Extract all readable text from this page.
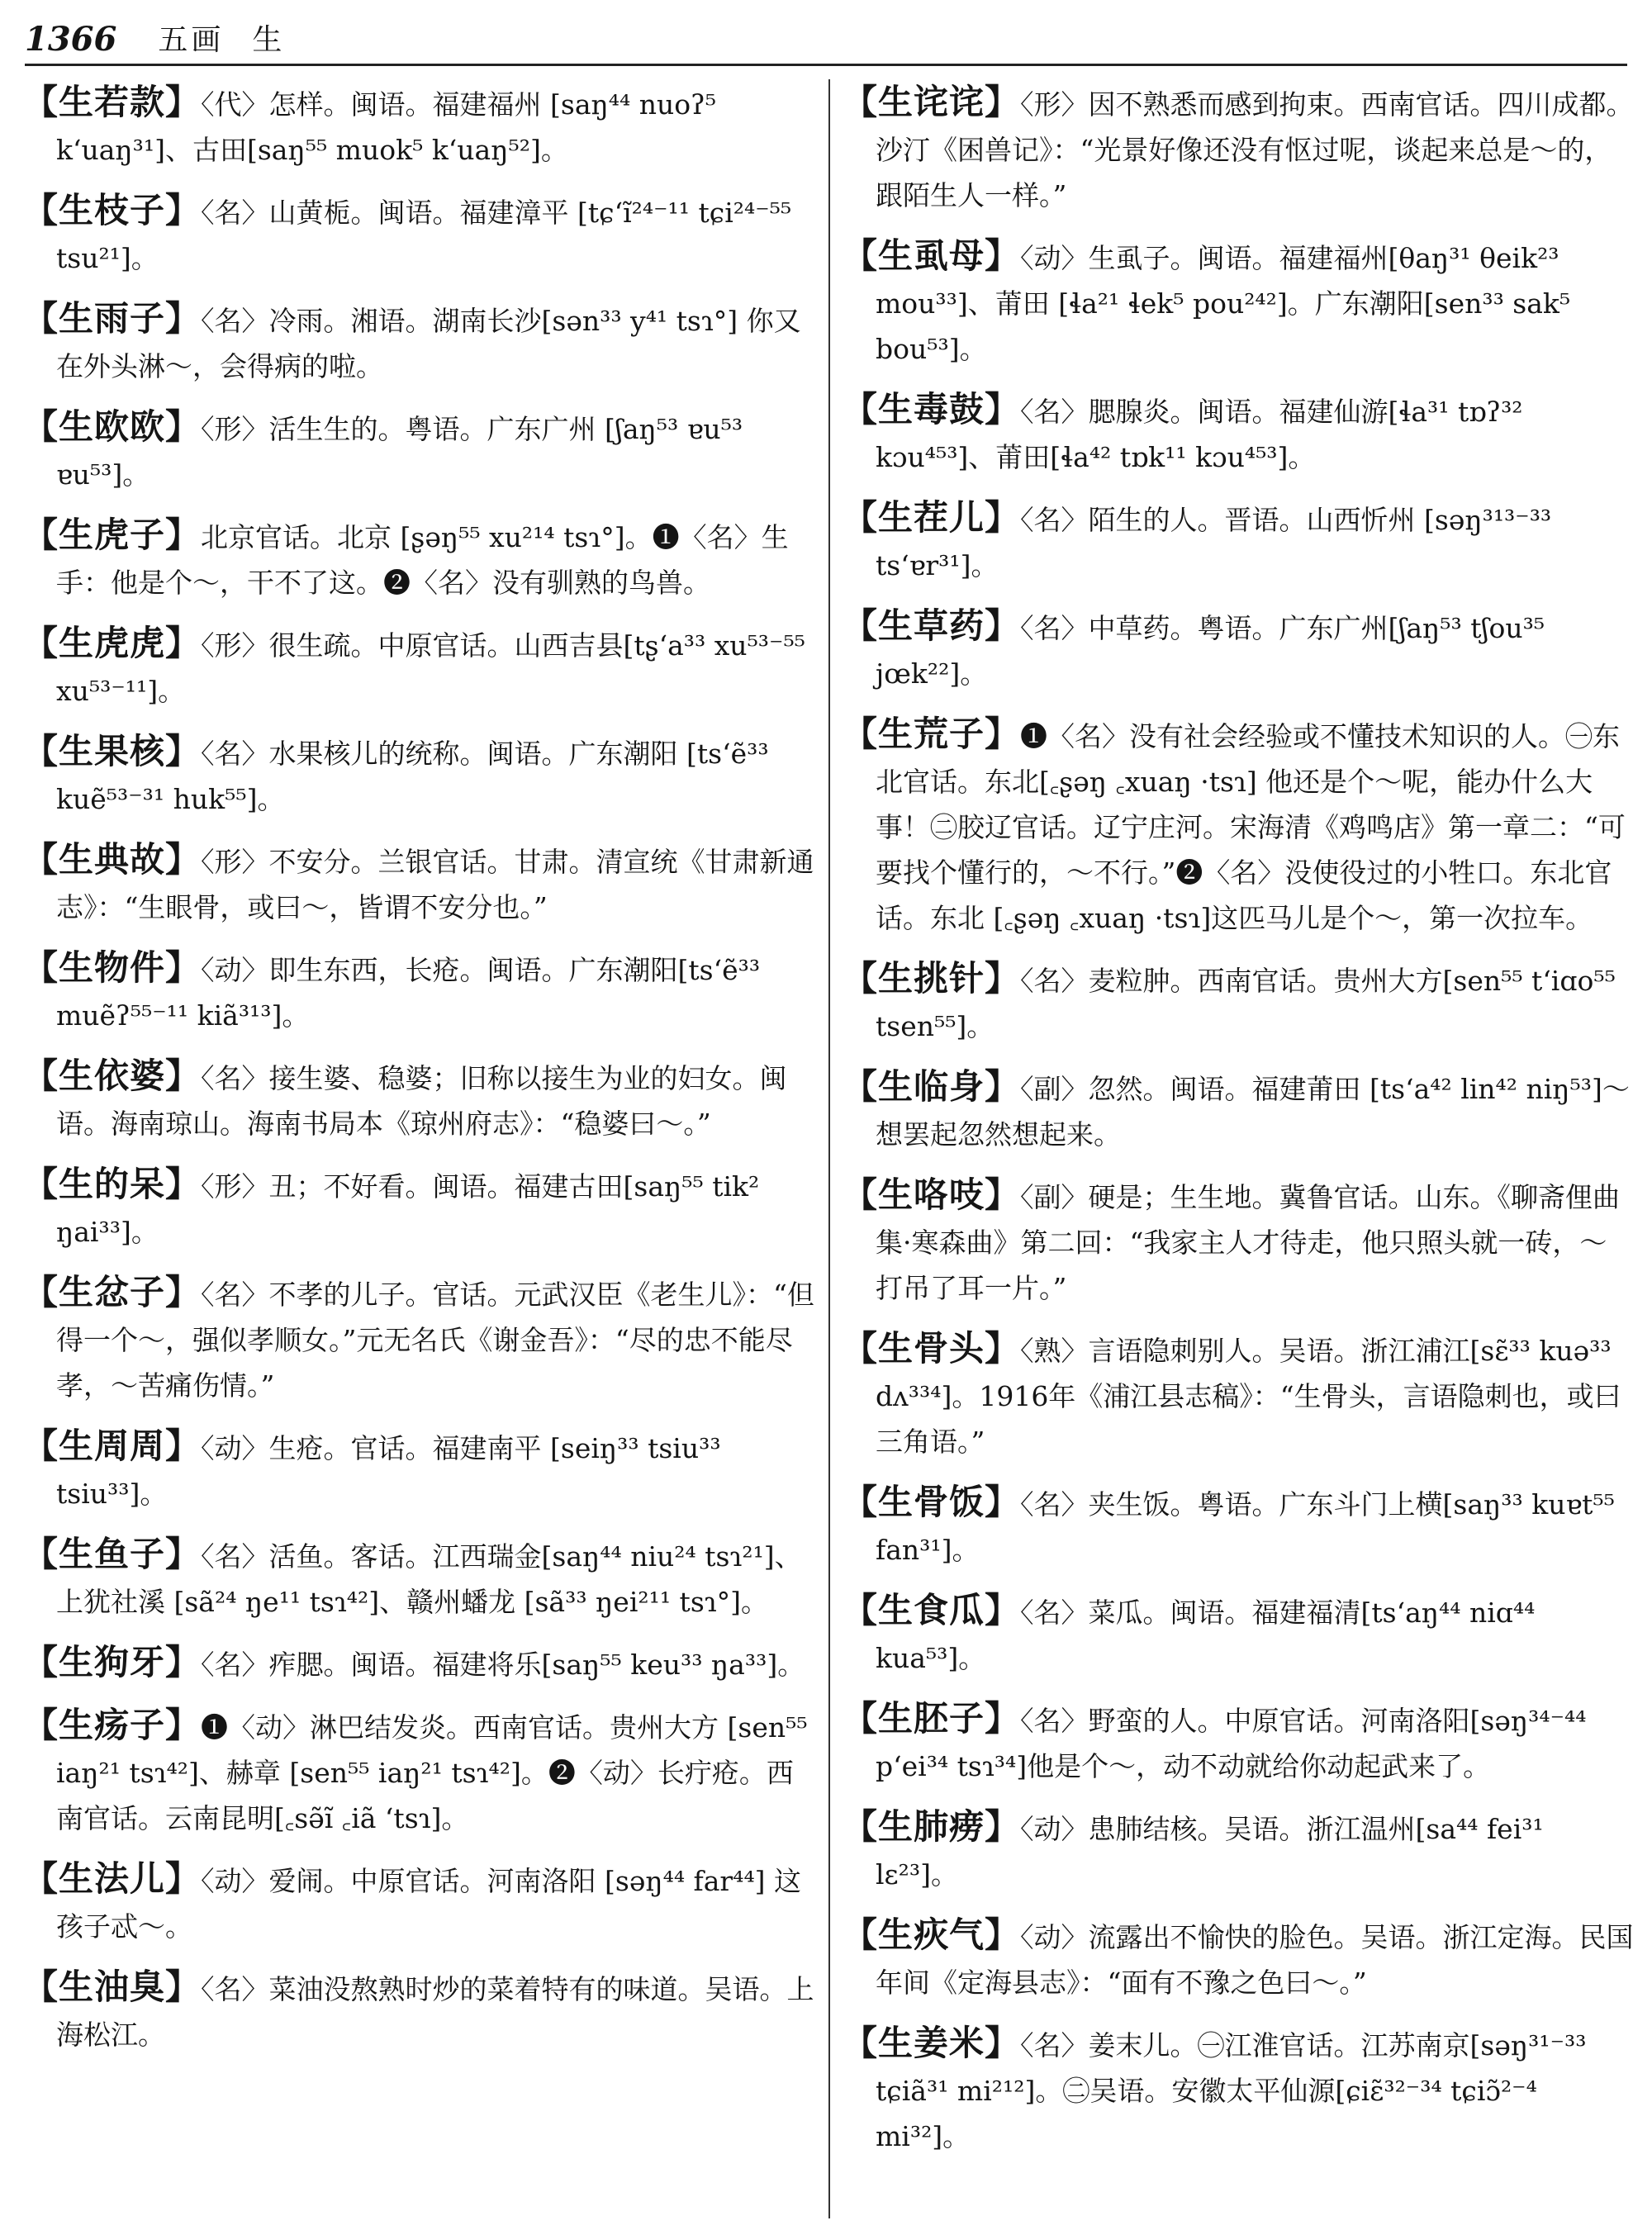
1366 五画 生
【生若款】〈代〉怎样。闽语。福建福州 [saŋ⁴⁴ nuoʔ⁵ kʻuaŋ³¹]、古田[saŋ⁵⁵ muok⁵ kʻuaŋ⁵²]。
【生枝子】〈名〉山黄栀。闽语。福建漳平 [tɕʻĩ²⁴⁻¹¹ tɕi²⁴⁻⁵⁵ tsu²¹]。
【生雨子】〈名〉冷雨。湘语。湖南长沙[sən³³ y⁴¹ tsɿ°] 你又在外头淋～，会得病的啦。
【生欧欧】〈形〉活生生的。粤语。广东广州 [ʃaŋ⁵³ ɐu⁵³ ɐu⁵³]。
【生虎子】北京官话。北京 [ʂəŋ⁵⁵ xu²¹⁴ tsɿ°]。❶〈名〉生手：他是个～，干不了这。❷〈名〉没有驯熟的鸟兽。
【生虎虎】〈形〉很生疏。中原官话。山西吉县[tʂʻa³³ xu⁵³⁻⁵⁵ xu⁵³⁻¹¹]。
【生果核】〈名〉水果核儿的统称。闽语。广东潮阳 [tsʻẽ³³ kuẽ⁵³⁻³¹ huk⁵⁵]。
【生典故】〈形〉不安分。兰银官话。甘肃。清宣统《甘肃新通志》：“生眼骨，或曰～，皆谓不安分也。”
【生物件】〈动〉即生东西，长疮。闽语。广东潮阳[tsʻẽ³³ muẽʔ⁵⁵⁻¹¹ kiã³¹³]。
【生依婆】〈名〉接生婆、稳婆；旧称以接生为业的妇女。闽语。海南琼山。海南书局本《琼州府志》：“稳婆曰～。”
【生的呆】〈形〉丑；不好看。闽语。福建古田[saŋ⁵⁵ tik² ŋai³³]。
【生忿子】〈名〉不孝的儿子。官话。元武汉臣《老生儿》：“但得一个～，强似孝顺女。”元无名氏《谢金吾》：“尽的忠不能尽孝，～苦痛伤情。”
【生周周】〈动〉生疮。官话。福建南平 [seiŋ³³ tsiu³³ tsiu³³]。
【生鱼子】〈名〉活鱼。客话。江西瑞金[saŋ⁴⁴ niu²⁴ tsɿ²¹]、上犹社溪 [sã²⁴ ŋe¹¹ tsɿ⁴²]、赣州蟠龙 [sã³³ ŋei²¹¹ tsɿ°]。
【生狗牙】〈名〉痄腮。闽语。福建将乐[saŋ⁵⁵ keu³³ ŋa³³]。
【生疡子】❶〈动〉淋巴结发炎。西南官话。贵州大方 [sen⁵⁵ iaŋ²¹ tsɿ⁴²]、赫章 [sen⁵⁵ iaŋ²¹ tsɿ⁴²]。❷〈动〉长疔疮。西南官话。云南昆明[꜀sə̃ĩ ꜀iã ʻtsɿ]。
【生法儿】〈动〉爱闹。中原官话。河南洛阳 [səŋ⁴⁴ far⁴⁴] 这孩子忒～。
【生油臭】〈名〉菜油没熬熟时炒的菜着特有的味道。吴语。上海松江。
【生诧诧】〈形〉因不熟悉而感到拘束。西南官话。四川成都。沙汀《困兽记》：“光景好像还没有怄过呢，谈起来总是～的，跟陌生人一样。”
【生虱母】〈动〉生虱子。闽语。福建福州[θaŋ³¹ θeik²³ mou³³]、莆田 [ɬa²¹ ɬek⁵ pou²⁴²]。广东潮阳[sen³³ sak⁵ bou⁵³]。
【生毒鼓】〈名〉腮腺炎。闽语。福建仙游[ɬa³¹ tɒʔ³² kɔu⁴⁵³]、莆田[ɬa⁴² tɒk¹¹ kɔu⁴⁵³]。
【生茬儿】〈名〉陌生的人。晋语。山西忻州 [səŋ³¹³⁻³³ tsʻɐr³¹]。
【生草药】〈名〉中草药。粤语。广东广州[ʃaŋ⁵³ tʃou³⁵ jœk²²]。
【生荒子】❶〈名〉没有社会经验或不懂技术知识的人。㊀东北官话。东北[꜀ʂəŋ ꜀xuaŋ ·tsɿ] 他还是个～呢，能办什么大事！㊁胶辽官话。辽宁庄河。宋海清《鸡鸣店》第一章二：“可要找个懂行的，～不行。”❷〈名〉没使役过的小牲口。东北官话。东北 [꜀ʂəŋ ꜀xuaŋ ·tsɿ]这匹马儿是个～，第一次拉车。
【生挑针】〈名〉麦粒肿。西南官话。贵州大方[sen⁵⁵ tʻiɑo⁵⁵ tsen⁵⁵]。
【生临身】〈副〉忽然。闽语。福建莆田 [tsʻa⁴² lin⁴² niŋ⁵³]～想罢起忽然想起来。
【生咯吱】〈副〉硬是；生生地。冀鲁官话。山东。《聊斋俚曲集·寒森曲》第二回：“我家主人才待走，他只照头就一砖，～打吊了耳一片。”
【生骨头】〈熟〉言语隐刺别人。吴语。浙江浦江[sɛ̃³³ kuə³³ dʌ³³⁴]。1916年《浦江县志稿》：“生骨头，言语隐刺也，或曰三角语。”
【生骨饭】〈名〉夹生饭。粤语。广东斗门上横[saŋ³³ kuɐt⁵⁵ fan³¹]。
【生食瓜】〈名〉菜瓜。闽语。福建福清[tsʻaŋ⁴⁴ niɑ⁴⁴ kua⁵³]。
【生胚子】〈名〉野蛮的人。中原官话。河南洛阳[səŋ³⁴⁻⁴⁴ pʻei³⁴ tsɿ³⁴]他是个～，动不动就给你动起武来了。
【生肺痨】〈动〉患肺结核。吴语。浙江温州[sa⁴⁴ fei³¹ lɛ²³]。
【生疢气】〈动〉流露出不愉快的脸色。吴语。浙江定海。民国年间《定海县志》：“面有不豫之色曰～。”
【生姜米】〈名〉姜末儿。㊀江淮官话。江苏南京[səŋ³¹⁻³³ tɕiã³¹ mi²¹²]。㊁吴语。安徽太平仙源[ɕiɛ̃³²⁻³⁴ tɕiɔ̃²⁻⁴ mi³²]。
